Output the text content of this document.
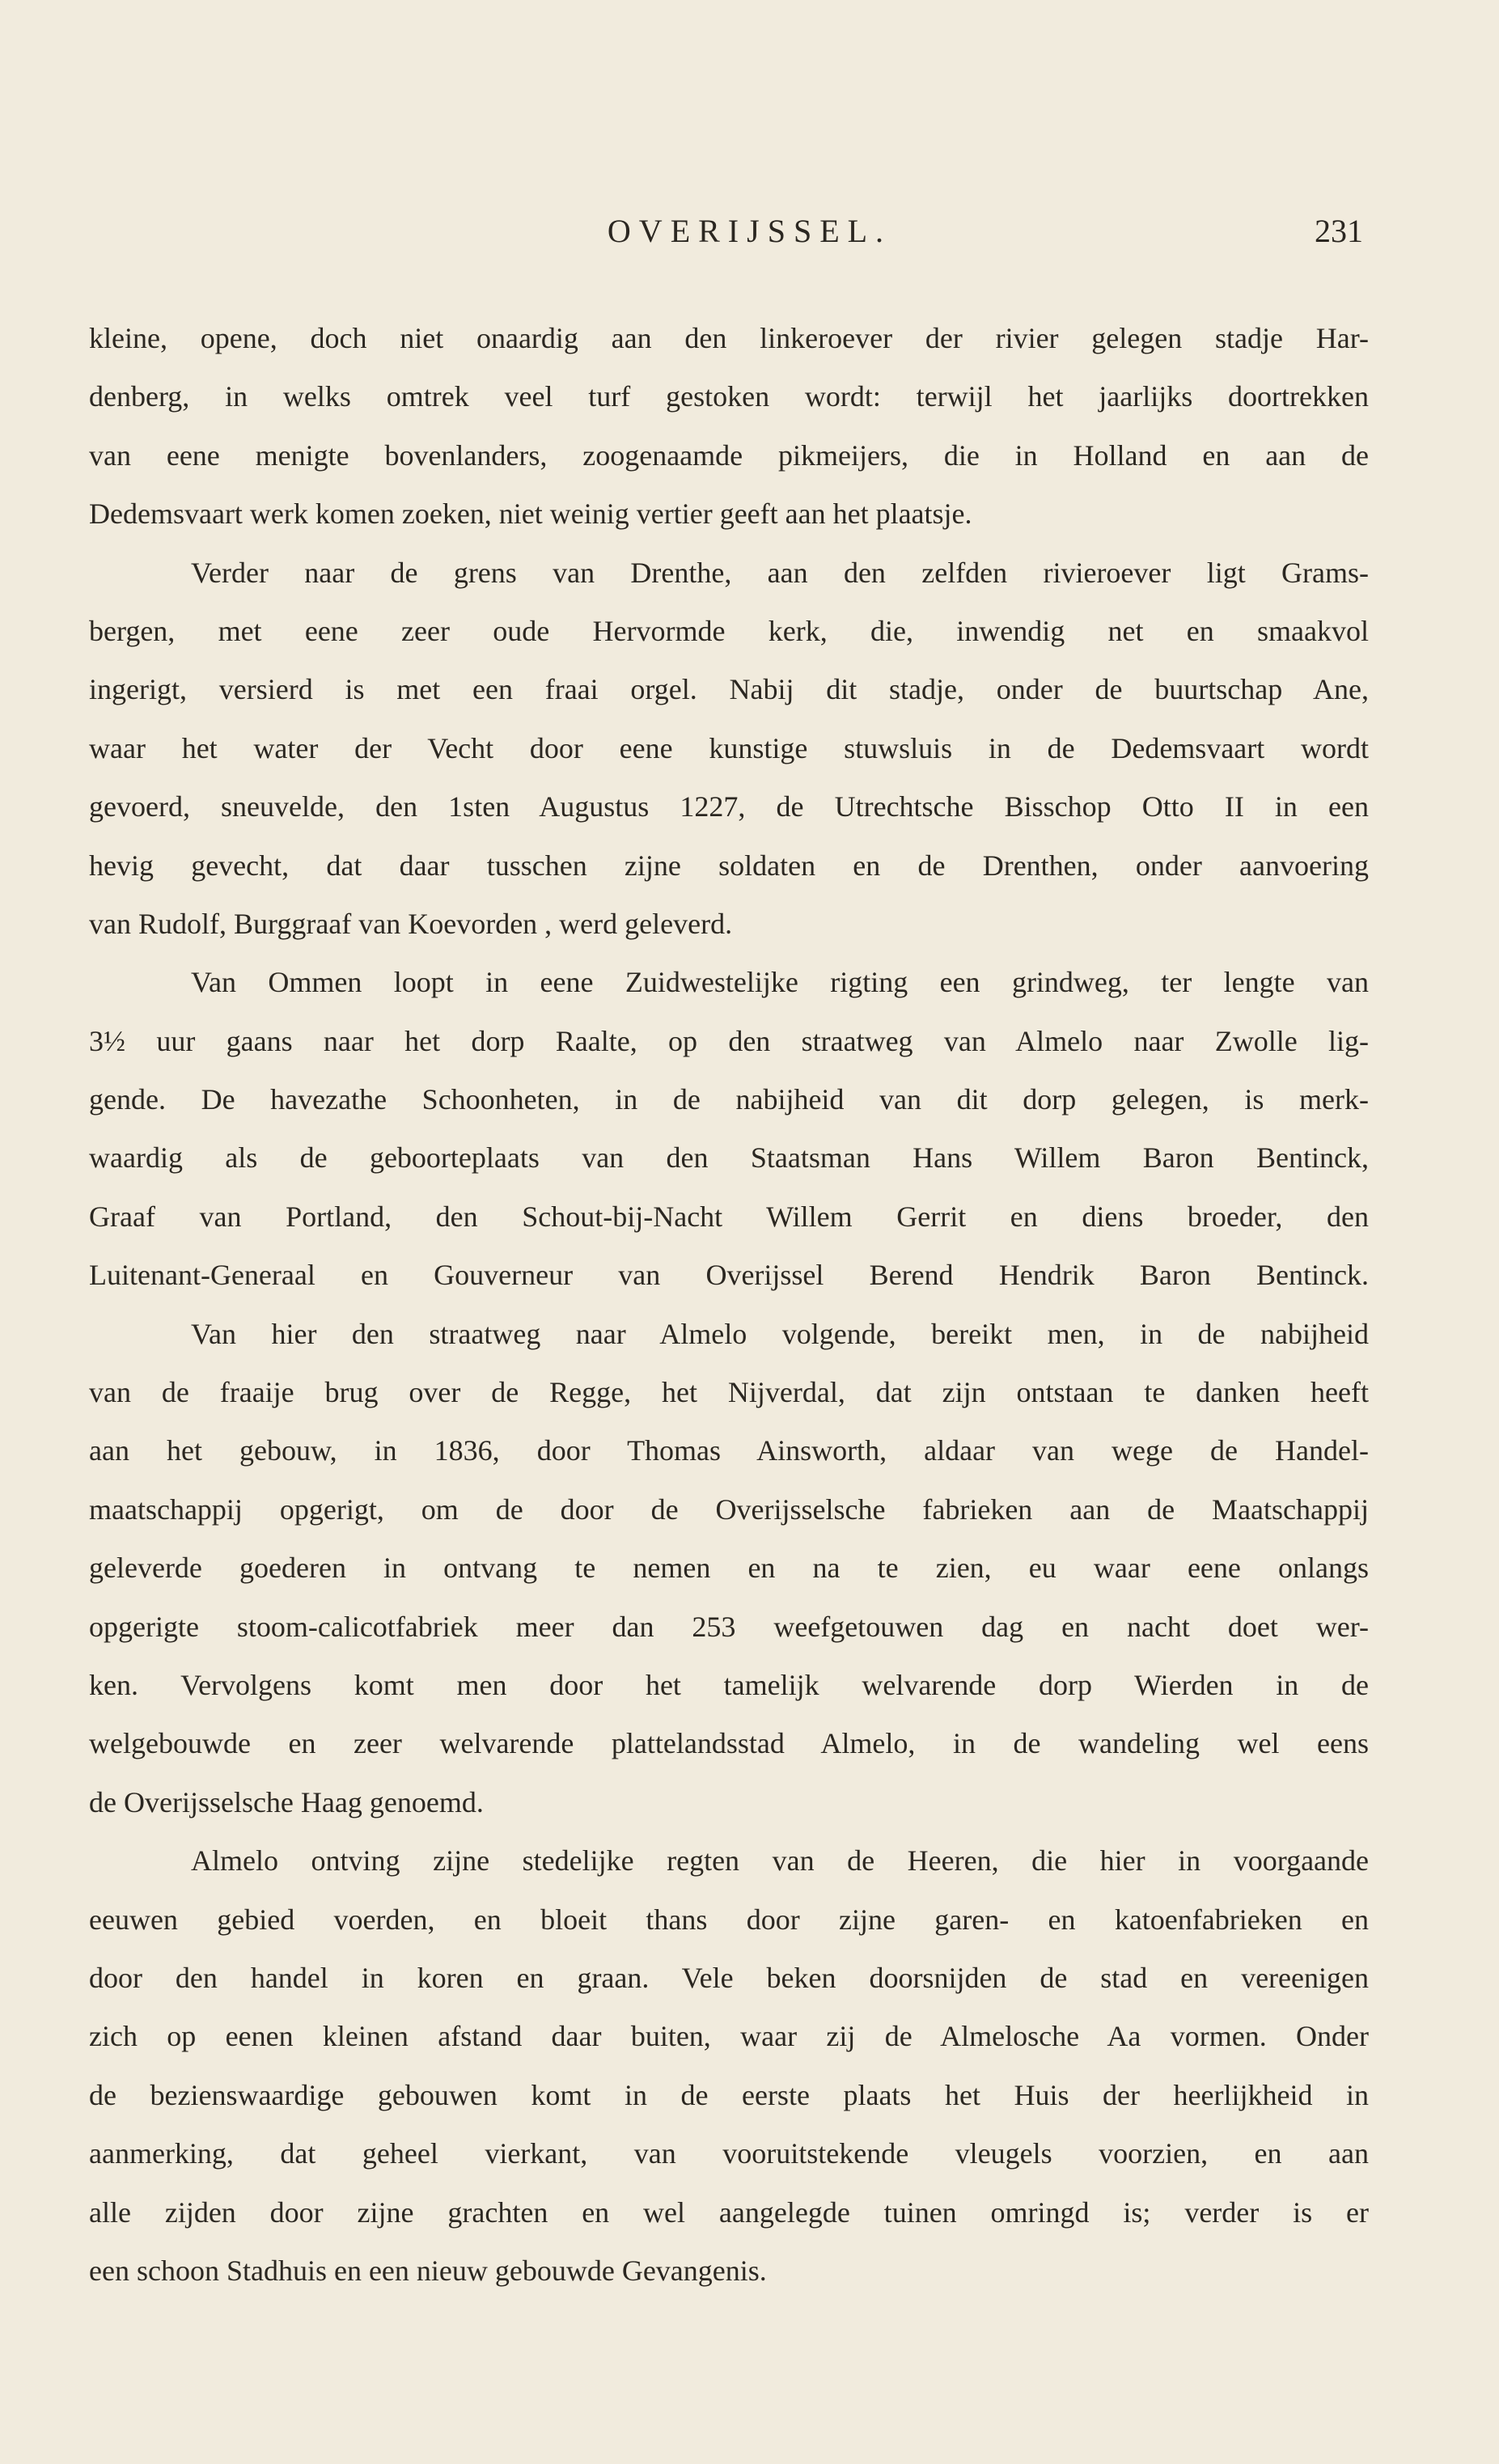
OVERIJSSEL.	231
kleine, opene, doch niet onaardig aan den linkeroever der rivier gelegen stadje Har-
denberg, in welks omtrek veel turf gestoken wordt: terwijl het jaarlijks doortrekken
van eene menigte bovenlanders, zoogenaamde pikmeijers, die in Holland en aan de
Dedemsvaart werk komen zoeken, niet weinig vertier geeft aan het plaatsje.
Verder naar de grens van Drenthe, aan den zelfden rivieroever ligt Grams-
bergen, met eene zeer oude Hervormde kerk, die, inwendig net en smaakvol
ingerigt, versierd is met een fraai orgel. Nabij dit stadje, onder de buurtschap Ane,
waar het water der Vecht door eene kunstige stuwsluis in de Dedemsvaart wordt
gevoerd, sneuvelde, den 1sten Augustus 1227, de Utrechtsche Bisschop Otto II in een
hevig gevecht, dat daar tusschen zijne soldaten en de Drenthen, onder aanvoering
van Rudolf, Burggraaf van Koevorden , werd geleverd.
Van Ommen loopt in eene Zuidwestelijke rigting een grindweg, ter lengte van
3½ uur gaans naar het dorp Raalte, op den straatweg van Almelo naar Zwolle lig-
gende. De havezathe Schoonheten, in de nabijheid van dit dorp gelegen, is merk-
waardig als de geboorteplaats van den Staatsman Hans Willem Baron Bentinck,
Graaf van Portland, den Schout-bij-Nacht Willem Gerrit en diens broeder, den
Luitenant-Generaal en Gouverneur van Overijssel Berend Hendrik Baron Bentinck.
Van hier den straatweg naar Almelo volgende, bereikt men, in de nabijheid
van de fraaije brug over de Regge, het Nijverdal, dat zijn ontstaan te danken heeft
aan het gebouw, in 1836, door Thomas Ainsworth, aldaar van wege de Handel-
maatschappij opgerigt, om de door de Overijsselsche fabrieken aan de Maatschappij
geleverde goederen in ontvang te nemen en na te zien, eu waar eene onlangs
opgerigte stoom-calicotfabriek meer dan 253 weefgetouwen dag en nacht doet wer-
ken. Vervolgens komt men door het tamelijk welvarende dorp Wierden in de
welgebouwde en zeer welvarende plattelandsstad Almelo, in de wandeling wel eens
de Overijsselsche Haag genoemd.
Almelo ontving zijne stedelijke regten van de Heeren, die hier in voorgaande
eeuwen gebied voerden, en bloeit thans door zijne garen- en katoenfabrieken en
door den handel in koren en graan. Vele beken doorsnijden de stad en vereenigen
zich op eenen kleinen afstand daar buiten, waar zij de Almelosche Aa vormen. Onder
de bezienswaardige gebouwen komt in de eerste plaats het Huis der heerlijkheid in
aanmerking, dat geheel vierkant, van vooruitstekende vleugels voorzien, en aan
alle zijden door zijne grachten en wel aangelegde tuinen omringd is; verder is er
een schoon Stadhuis en een nieuw gebouwde Gevangenis.
